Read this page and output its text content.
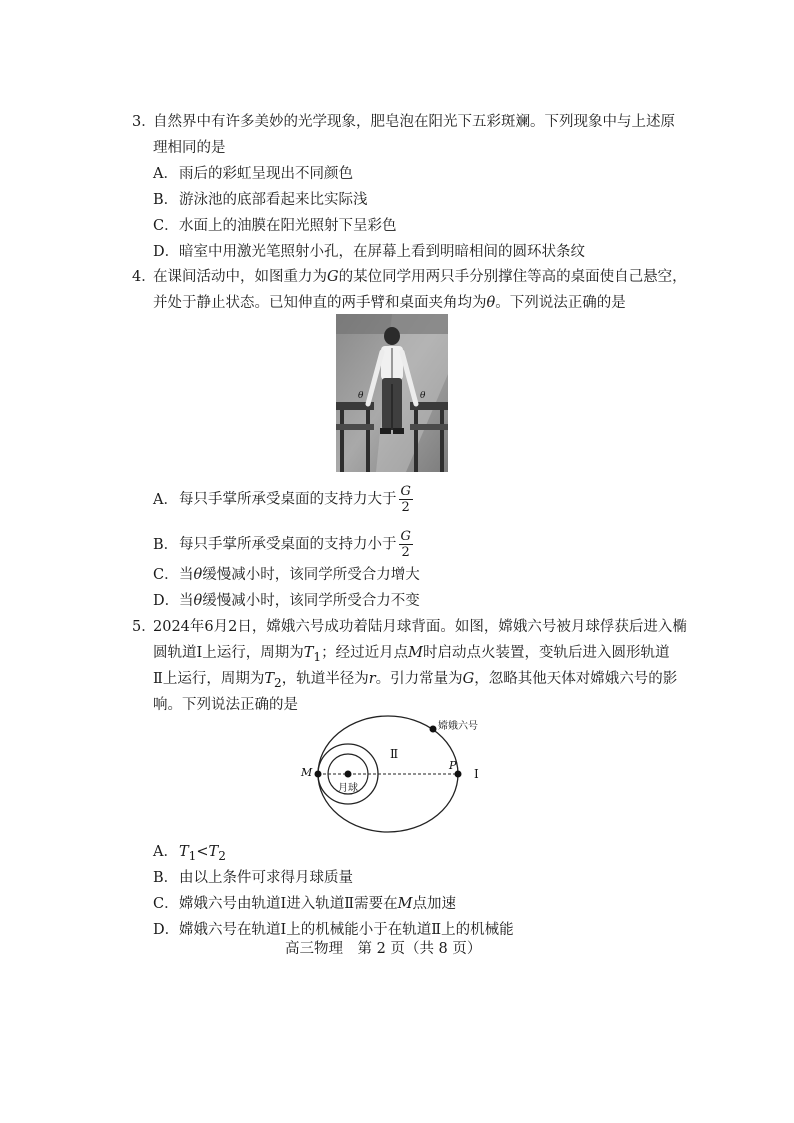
3．
自然界中有许多美妙的光学现象，肥皂泡在阳光下五彩斑斓。下列现象中与上述原
理相同的是
A．雨后的彩虹呈现出不同颜色
B．游泳池的底部看起来比实际浅
C．水面上的油膜在阳光照射下呈彩色
D．暗室中用激光笔照射小孔，在屏幕上看到明暗相间的圆环状条纹
4．
在课间活动中，如图重力为G的某位同学用两只手分别撑住等高的桌面使自己悬空，
并处于静止状态。已知伸直的两手臂和桌面夹角均为θ。下列说法正确的是
θ	θ
A．每只手掌所承受桌面的支持力大于 $\frac{G}{2}$
B．每只手掌所承受桌面的支持力小于 $\frac{G}{2}$
C．当θ缓慢减小时，该同学所受合力增大
D．当θ缓慢减小时，该同学所受合力不变
5．
2024年6月2日，嫦娥六号成功着陆月球背面。如图，嫦娥六号被月球俘获后进入椭
圆轨道Ⅰ上运行，周期为$T_1$；经过近月点M时启动点火装置，变轨后进入圆形轨道
Ⅱ上运行，周期为$T_2$，轨道半径为r。引力常量为G，忽略其他天体对嫦娥六号的影
响。下列说法正确的是
嫦娥六号
月球
M
P
Ⅰ
Ⅱ
A．$T_1<T_2$
B．由以上条件可求得月球质量
C．嫦娥六号由轨道Ⅰ进入轨道Ⅱ需要在M点加速
D．嫦娥六号在轨道Ⅰ上的机械能小于在轨道Ⅱ上的机械能
高三物理　第 2 页（共 8 页）
